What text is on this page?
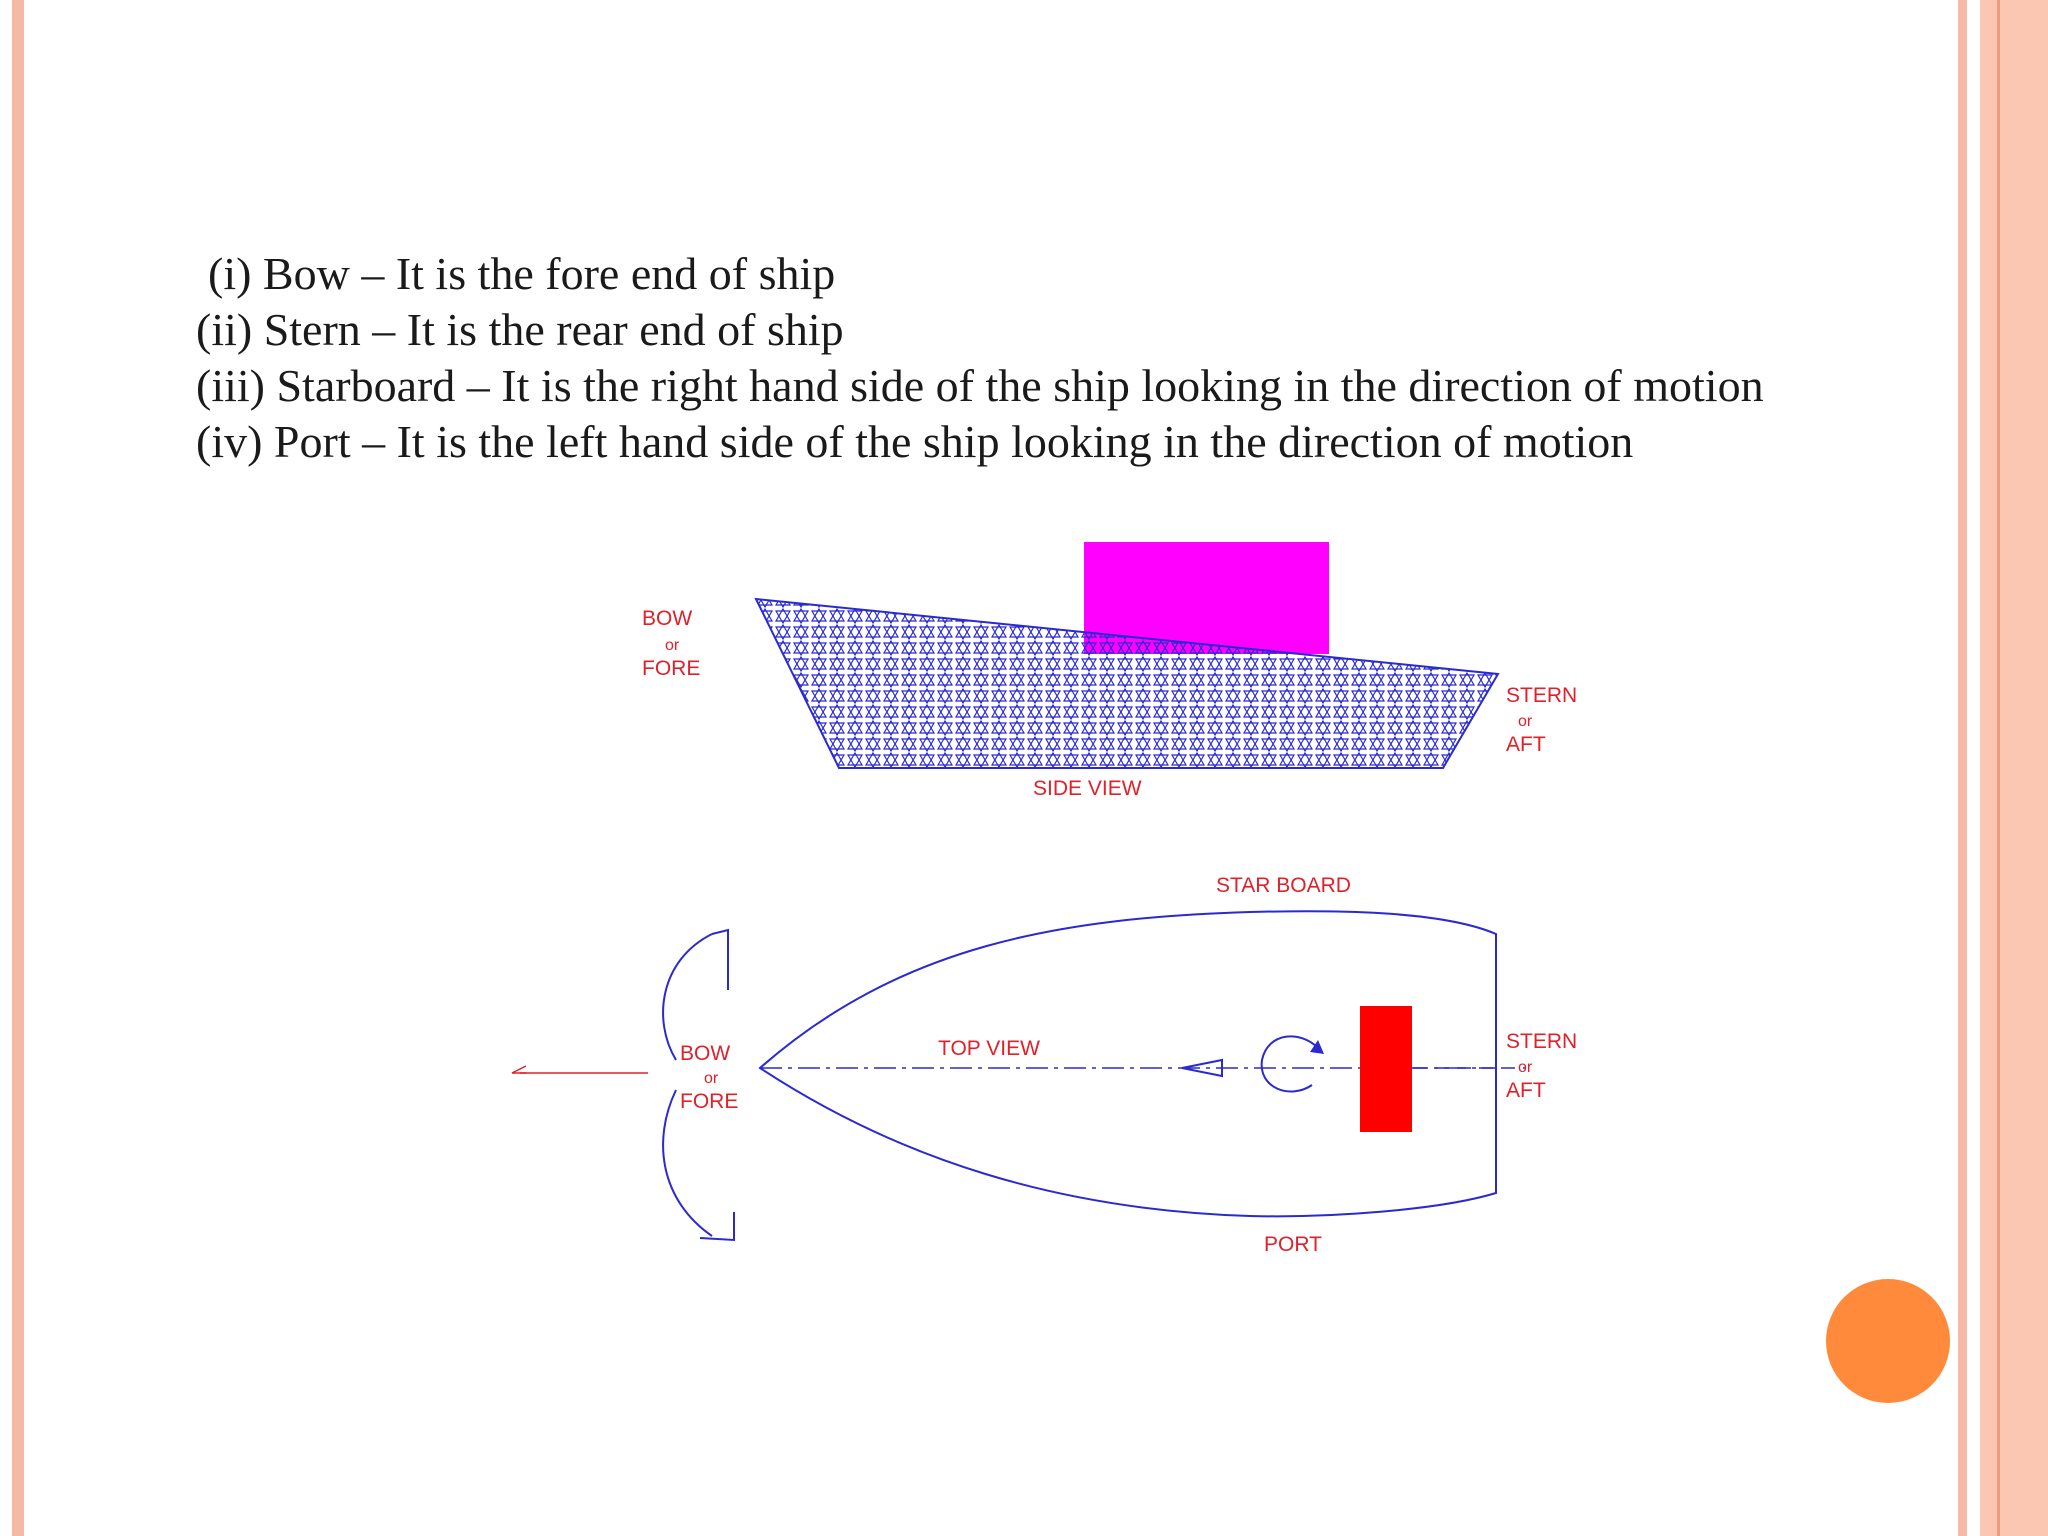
(i) Bow – It is the fore end of ship
(ii) Stern – It is the rear end of ship
(iii) Starboard – It is the right hand side of the ship looking in the direction of motion
(iv) Port – It is the left hand side of the ship looking in the direction of motion
BOW
or
FORE
STERN
or
AFT
SIDE VIEW
STAR BOARD
PORT
TOP VIEW
BOW
or
FORE
STERN
or
AFT
